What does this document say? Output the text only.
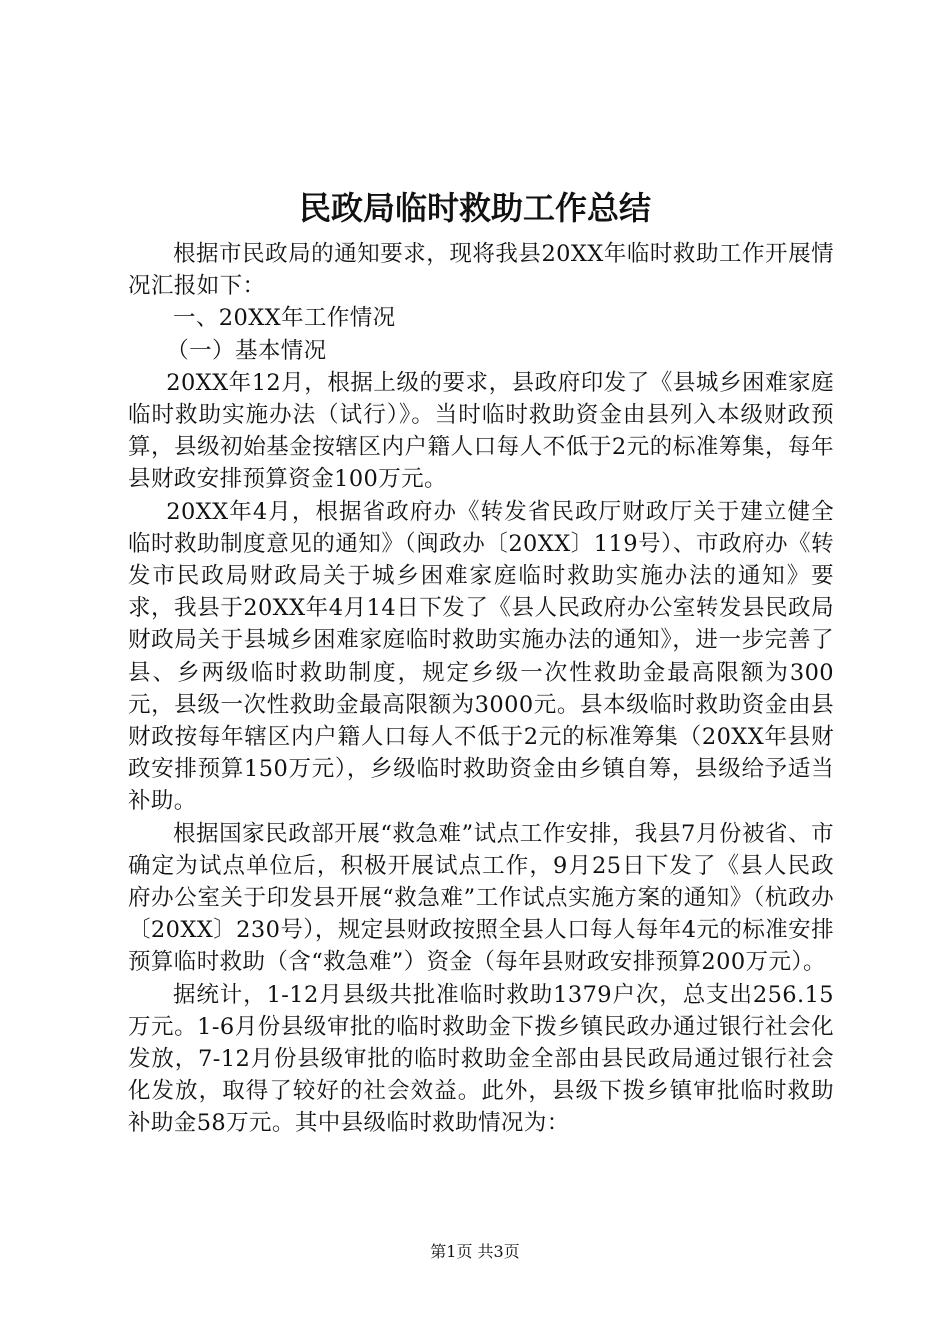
民政局临时救助工作总结

根据市民政局的通知要求，现将我县20XX年临时救助工作开展情况汇报如下：

一、20XX年工作情况

（一）基本情况

20XX年12月，根据上级的要求，县政府印发了《县城乡困难家庭临时救助实施办法（试行）》。当时临时救助资金由县列入本级财政预算，县级初始基金按辖区内户籍人口每人不低于2元的标准筹集，每年县财政安排预算资金100万元。

20XX年4月，根据省政府办《转发省民政厅财政厅关于建立健全临时救助制度意见的通知》（闽政办〔20XX〕119号）、市政府办《转发市民政局财政局关于城乡困难家庭临时救助实施办法的通知》要求，我县于20XX年4月14日下发了《县人民政府办公室转发县民政局财政局关于县城乡困难家庭临时救助实施办法的通知》，进一步完善了县、乡两级临时救助制度，规定乡级一次性救助金最高限额为300元，县级一次性救助金最高限额为3000元。县本级临时救助资金由县财政按每年辖区内户籍人口每人不低于2元的标准筹集（20XX年县财政安排预算150万元），乡级临时救助资金由乡镇自筹，县级给予适当补助。

根据国家民政部开展“救急难”试点工作安排，我县7月份被省、市确定为试点单位后，积极开展试点工作，9月25日下发了《县人民政府办公室关于印发县开展“救急难”工作试点实施方案的通知》（杭政办〔20XX〕230号），规定县财政按照全县人口每人每年4元的标准安排预算临时救助（含“救急难”）资金（每年县财政安排预算200万元）。

据统计，1-12月县级共批准临时救助1379户次，总支出256.15万元。1-6月份县级审批的临时救助金下拨乡镇民政办通过银行社会化发放，7-12月份县级审批的临时救助金全部由县民政局通过银行社会化发放，取得了较好的社会效益。此外，县级下拨乡镇审批临时救助补助金58万元。其中县级临时救助情况为：

第1页 共3页
